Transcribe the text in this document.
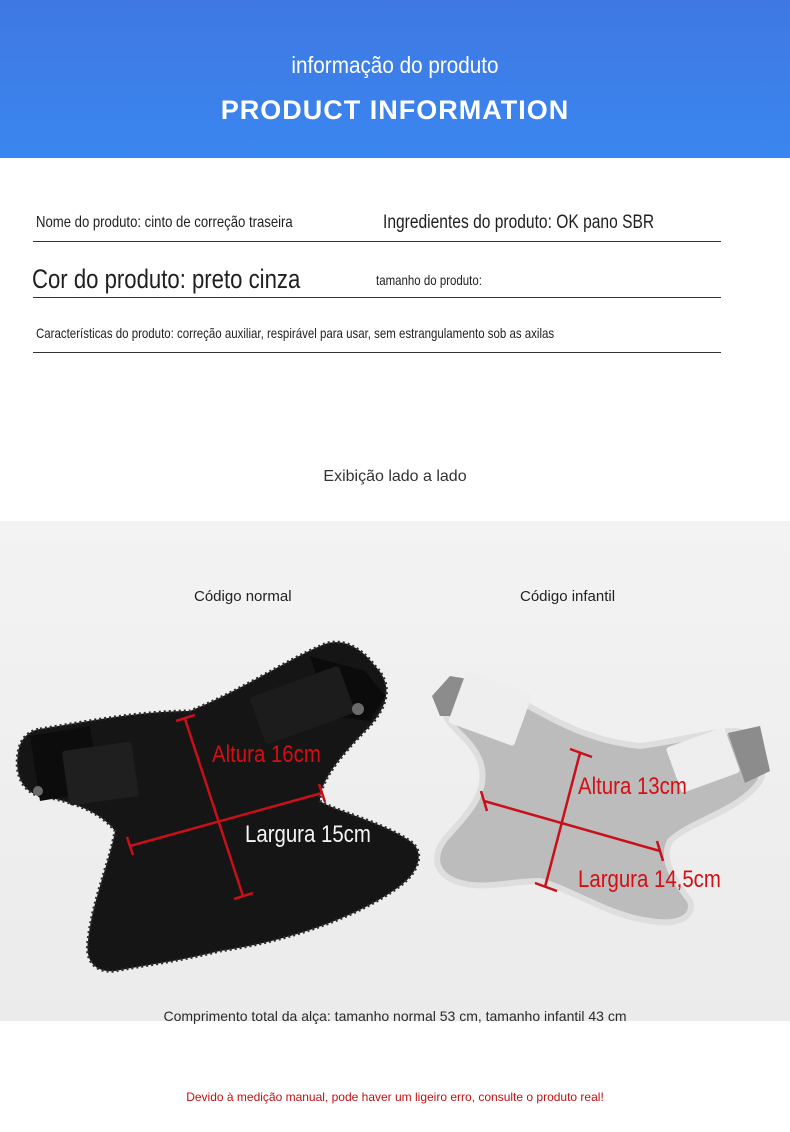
informação do produto
PRODUCT INFORMATION
Nome do produto: cinto de correção traseira	Ingredientes do produto: OK pano SBR
Cor do produto: preto cinza	tamanho do produto:
Características do produto: correção auxiliar, respirável para usar, sem estrangulamento sob as axilas
Exibição lado a lado
Código normal	Código infantil
Altura 16cm
Largura 15cm
Altura 13cm
Largura 14,5cm
Comprimento total da alça: tamanho normal 53 cm, tamanho infantil 43 cm
Devido à medição manual, pode haver um ligeiro erro, consulte o produto real!
